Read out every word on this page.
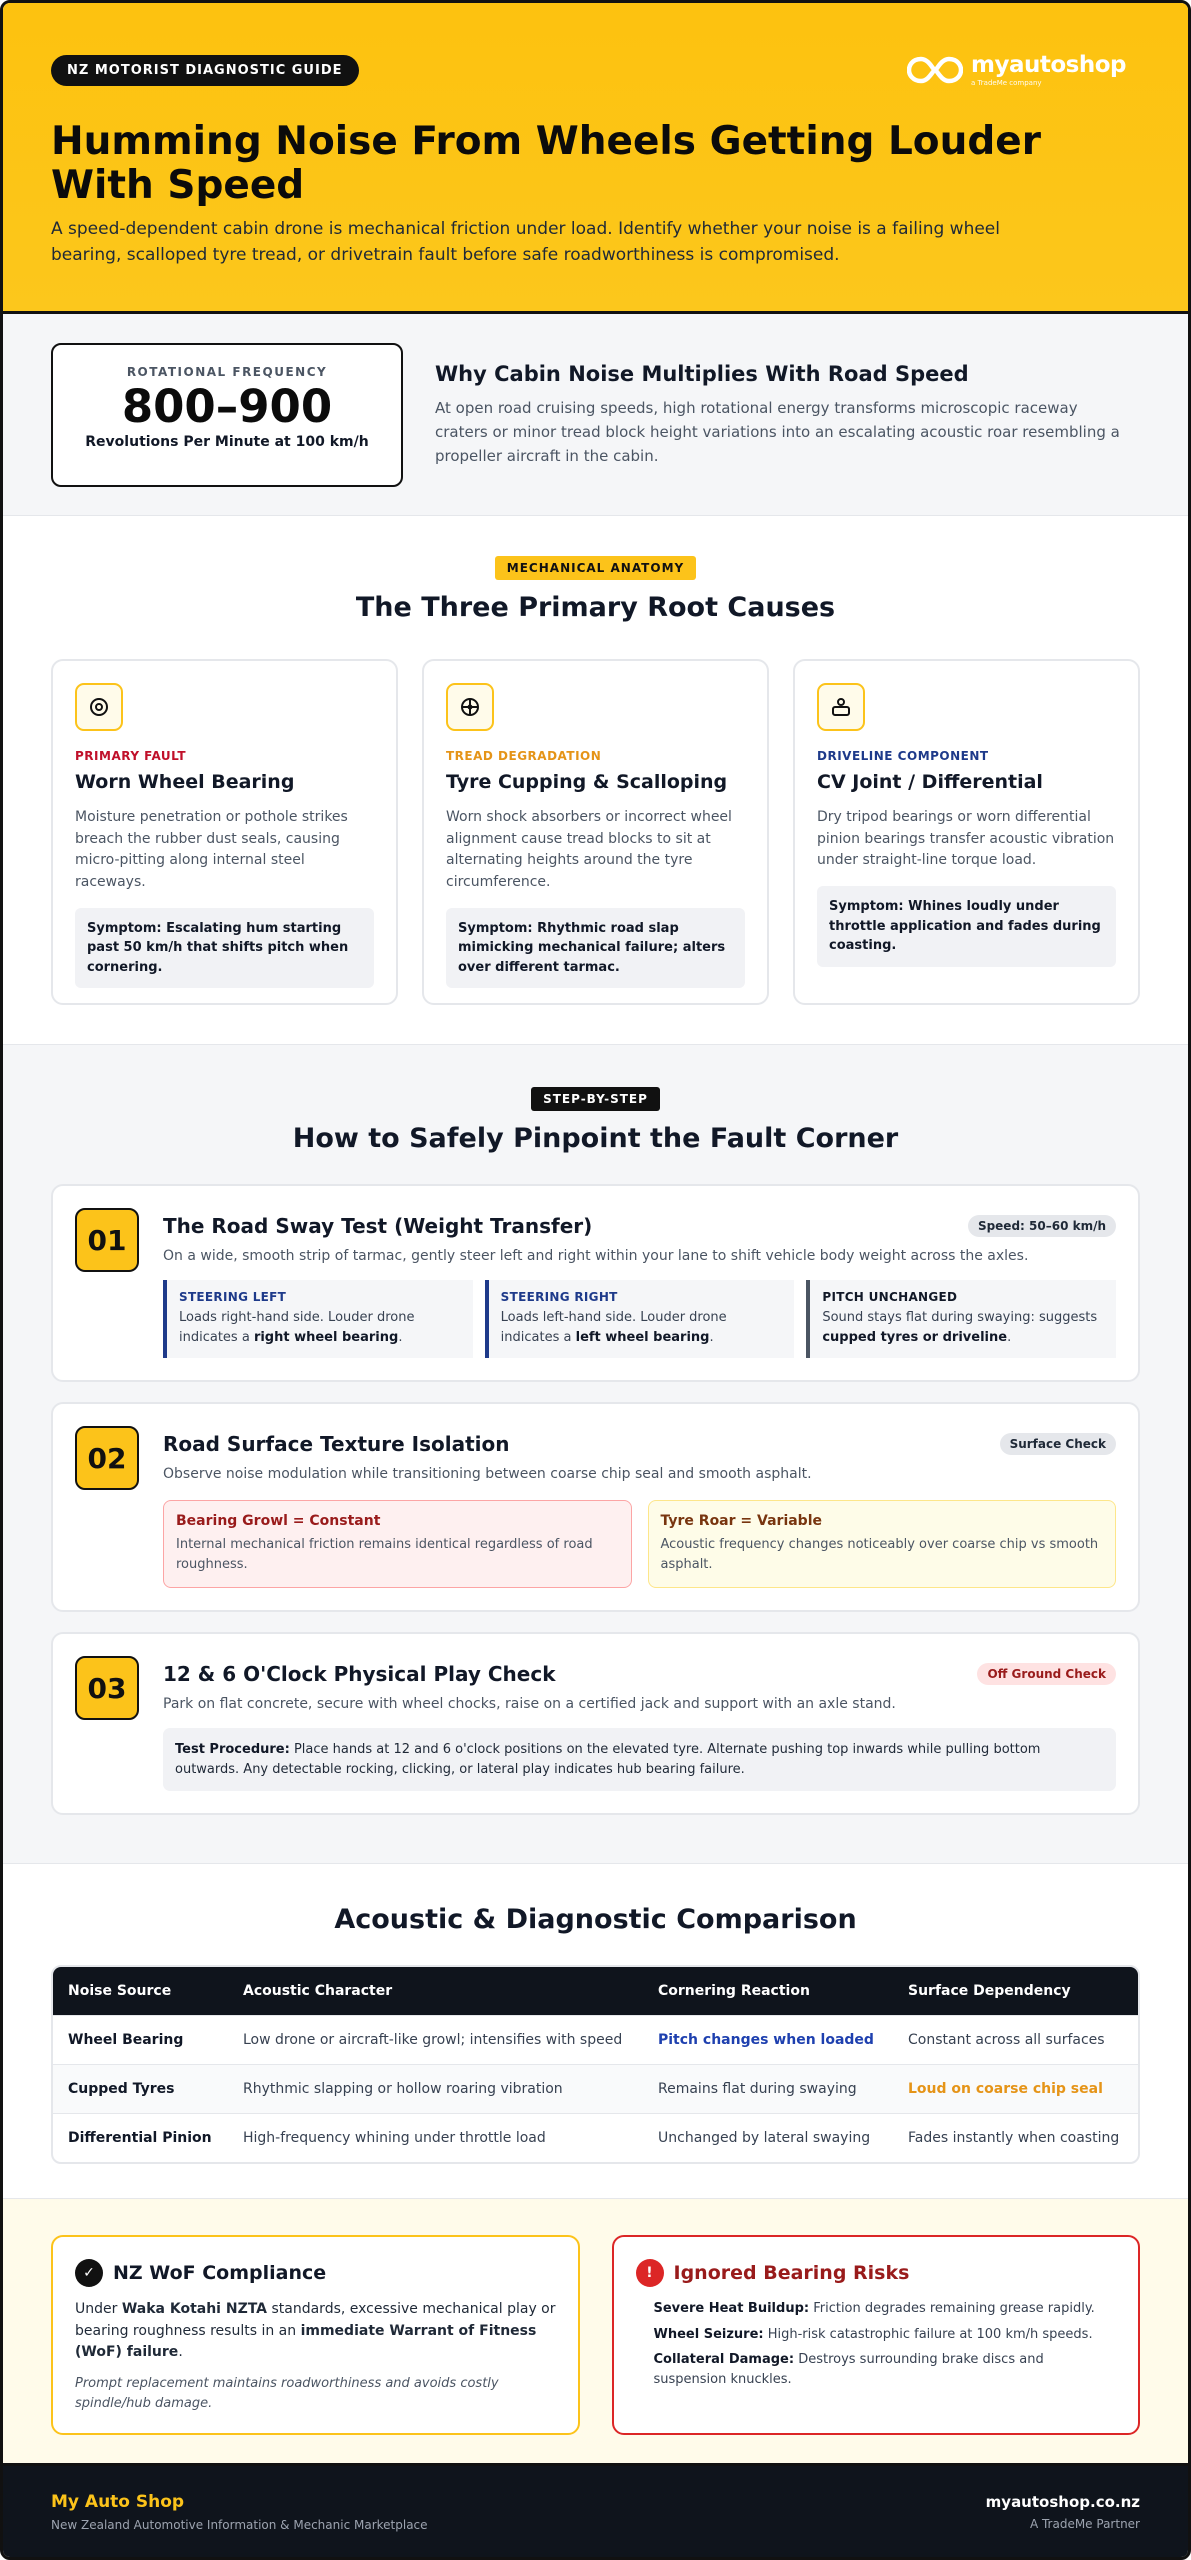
NZ MOTORIST DIAGNOSTIC GUIDE	myautoshop
a TradeMe company
Humming Noise From Wheels Getting Louder With Speed

A speed-dependent cabin drone is mechanical friction under load. Identify whether your noise is a failing wheel bearing, scalloped tyre tread, or drivetrain fault before safe roadworthiness is compromised.

ROTATIONAL FREQUENCY
800–900
Revolutions Per Minute at 100 km/h
Why Cabin Noise Multiplies With Road Speed

At open road cruising speeds, high rotational energy transforms microscopic raceway craters or minor tread block height variations into an escalating acoustic roar resembling a propeller aircraft in the cabin.

MECHANICAL ANATOMY
The Three Primary Root Causes
PRIMARY FAULT
Worn Wheel Bearing

Moisture penetration or pothole strikes breach the rubber dust seals, causing micro-pitting along internal steel raceways.

Symptom: Escalating hum starting past 50 km/h that shifts pitch when cornering.
TREAD DEGRADATION
Tyre Cupping & Scalloping

Worn shock absorbers or incorrect wheel alignment cause tread blocks to sit at alternating heights around the tyre circumference.

Symptom: Rhythmic road slap mimicking mechanical failure; alters over different tarmac.
DRIVELINE COMPONENT
CV Joint / Differential

Dry tripod bearings or worn differential pinion bearings transfer acoustic vibration under straight-line torque load.

Symptom: Whines loudly under throttle application and fades during coasting.
STEP-BY-STEP
How to Safely Pinpoint the Fault Corner
01	The Road Sway Test (Weight Transfer)	Speed: 50–60 km/h

On a wide, smooth strip of tarmac, gently steer left and right within your lane to shift vehicle body weight across the axles.

STEERING LEFT
Loads right-hand side. Louder drone indicates a right wheel bearing.
STEERING RIGHT
Loads left-hand side. Louder drone indicates a left wheel bearing.
PITCH UNCHANGED
Sound stays flat during swaying: suggests cupped tyres or driveline.
02	Road Surface Texture Isolation	Surface Check

Observe noise modulation while transitioning between coarse chip seal and smooth asphalt.

Bearing Growl = Constant
Internal mechanical friction remains identical regardless of road roughness.
Tyre Roar = Variable
Acoustic frequency changes noticeably over coarse chip vs smooth asphalt.
03	12 & 6 O'Clock Physical Play Check	Off Ground Check

Park on flat concrete, secure with wheel chocks, raise on a certified jack and support with an axle stand.

Test Procedure: Place hands at 12 and 6 o'clock positions on the elevated tyre. Alternate pushing top inwards while pulling bottom outwards. Any detectable rocking, clicking, or lateral play indicates hub bearing failure.
Acoustic & Diagnostic Comparison
Noise Source	Acoustic Character	Cornering Reaction	Surface Dependency
Wheel Bearing	Low drone or aircraft-like growl; intensifies with speed	Pitch changes when loaded	Constant across all surfaces
Cupped Tyres	Rhythmic slapping or hollow roaring vibration	Remains flat during swaying	Loud on coarse chip seal
Differential Pinion	High-frequency whining under throttle load	Unchanged by lateral swaying	Fades instantly when coasting
✓ NZ WoF Compliance

Under Waka Kotahi NZTA standards, excessive mechanical play or bearing roughness results in an immediate Warrant of Fitness (WoF) failure.

Prompt replacement maintains roadworthiness and avoids costly spindle/hub damage.

!	Ignored Bearing Risks
Severe Heat Buildup: Friction degrades remaining grease rapidly.
Wheel Seizure: High-risk catastrophic failure at 100 km/h speeds.
Collateral Damage: Destroys surrounding brake discs and suspension knuckles.
My Auto Shop
New Zealand Automotive Information & Mechanic Marketplace
myautoshop.co.nz
A TradeMe Partner
